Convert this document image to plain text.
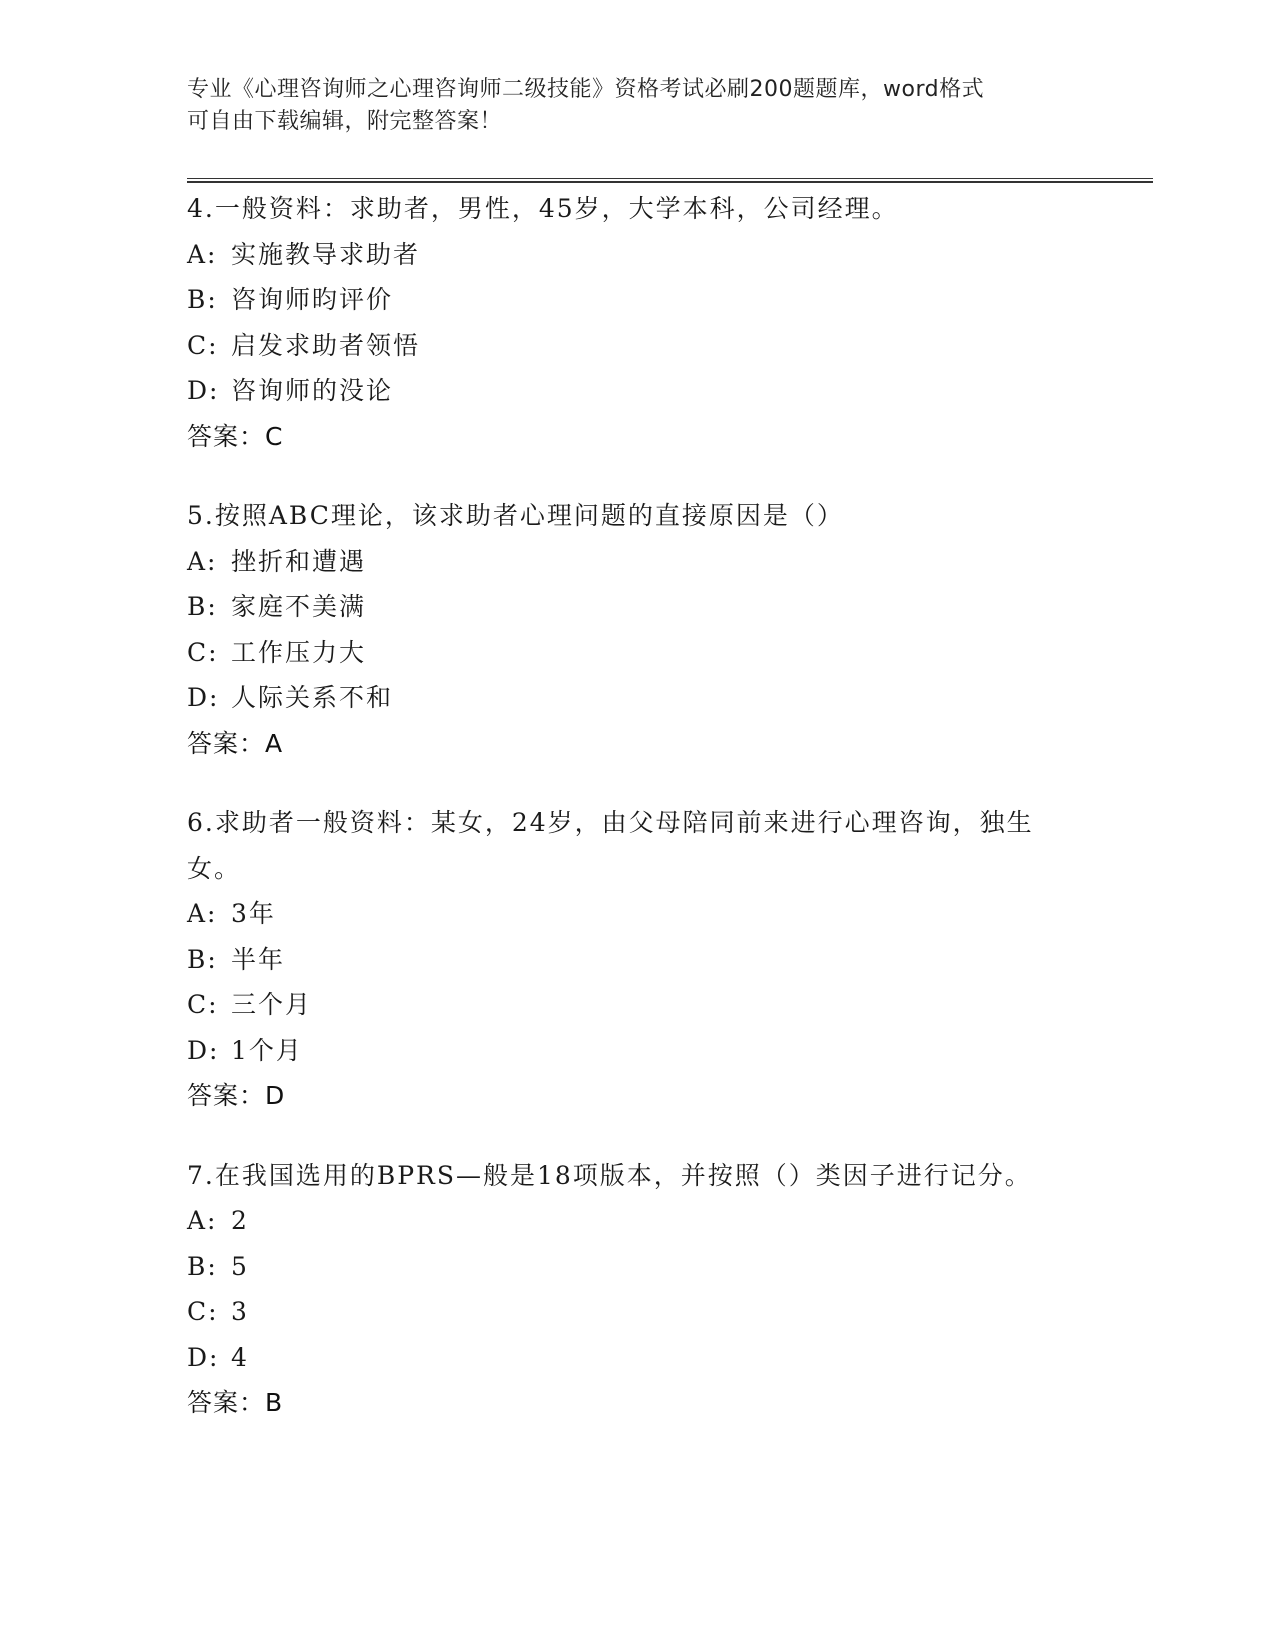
专业《心理咨询师之心理咨询师二级技能》资格考试必刷200题题库，word格式
可自由下载编辑，附完整答案！
4.一般资料：求助者，男性，45岁，大学本科，公司经理。
A: 实施教导求助者
B: 咨询师昀评价
C: 启发求助者领悟
D: 咨询师的没论
答案：C
5.按照ABC理论，该求助者心理问题的直接原因是（）
A: 挫折和遭遇
B: 家庭不美满
C: 工作压力大
D: 人际关系不和
答案：A
6.求助者一般资料：某女，24岁，由父母陪同前来进行心理咨询，独生女。
A: 3年
B: 半年
C: 三个月
D: 1个月
答案：D
7.在我国选用的BPRS—般是18项版本，并按照（）类因子进行记分。
A: 2
B: 5
C: 3
D: 4
答案：B
